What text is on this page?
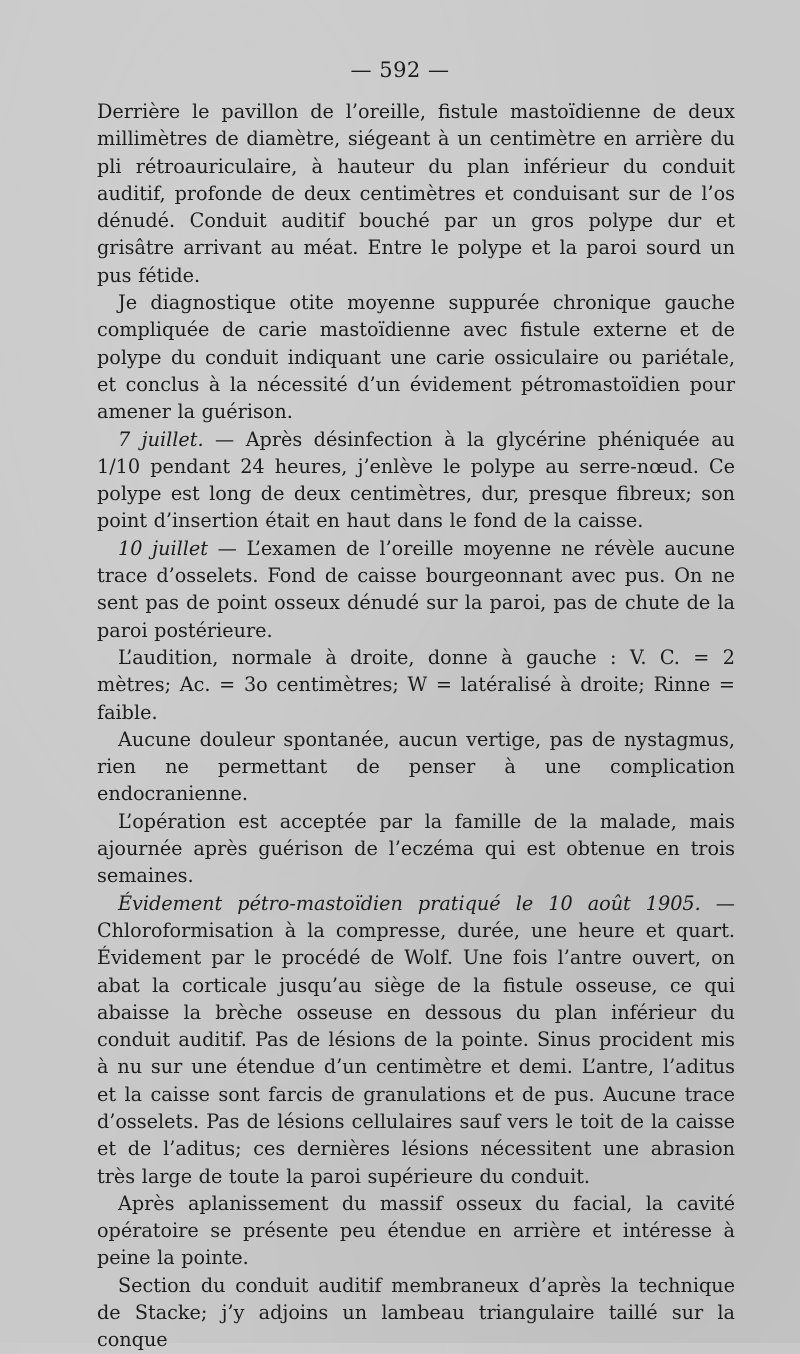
— 592 —

Derrière le pavillon de l’oreille, fistule mastoïdienne de deux millimètres de diamètre, siégeant à un centimètre en arrière du pli rétroauriculaire, à hauteur du plan inférieur du conduit auditif, profonde de deux centimètres et conduisant sur de l’os dénudé. Conduit auditif bouché par un gros polype dur et grisâtre arrivant au méat. Entre le polype et la paroi sourd un pus fétide.

Je diagnostique otite moyenne suppurée chronique gauche compliquée de carie mastoïdienne avec fistule externe et de polype du conduit indiquant une carie ossiculaire ou pariétale, et conclus à la nécessité d’un évidement pétromastoïdien pour amener la guérison.

7 juillet. — Après désinfection à la glycérine phéniquée au 1/10 pendant 24 heures, j’enlève le polype au serre-nœud. Ce polype est long de deux centimètres, dur, presque fibreux; son point d’insertion était en haut dans le fond de la caisse.

10 juillet — L’examen de l’oreille moyenne ne révèle aucune trace d’osselets. Fond de caisse bourgeonnant avec pus. On ne sent pas de point osseux dénudé sur la paroi, pas de chute de la paroi postérieure.

L’audition, normale à droite, donne à gauche : V. C. = 2 mètres; Ac. = 3o centimètres; W = latéralisé à droite; Rinne = faible.

Aucune douleur spontanée, aucun vertige, pas de nystagmus, rien ne permettant de penser à une complication endocranienne.

L’opération est acceptée par la famille de la malade, mais ajournée après guérison de l’eczéma qui est obtenue en trois semaines.

Évidement pétro-mastoïdien pratiqué le 10 août 1905. — Chloroformisation à la compresse, durée, une heure et quart. Évidement par le procédé de Wolf. Une fois l’antre ouvert, on abat la corticale jusqu’au siège de la fistule osseuse, ce qui abaisse la brèche osseuse en dessous du plan inférieur du conduit auditif. Pas de lésions de la pointe. Sinus procident mis à nu sur une étendue d’un centimètre et demi. L’antre, l’aditus et la caisse sont farcis de granulations et de pus. Aucune trace d’osselets. Pas de lésions cellulaires sauf vers le toit de la caisse et de l’aditus; ces dernières lésions nécessitent une abrasion très large de toute la paroi supérieure du conduit.

Après aplanissement du massif osseux du facial, la cavité opératoire se présente peu étendue en arrière et intéresse à peine la pointe.

Section du conduit auditif membraneux d’après la technique de Stacke; j’y adjoins un lambeau triangulaire taillé sur la conque
